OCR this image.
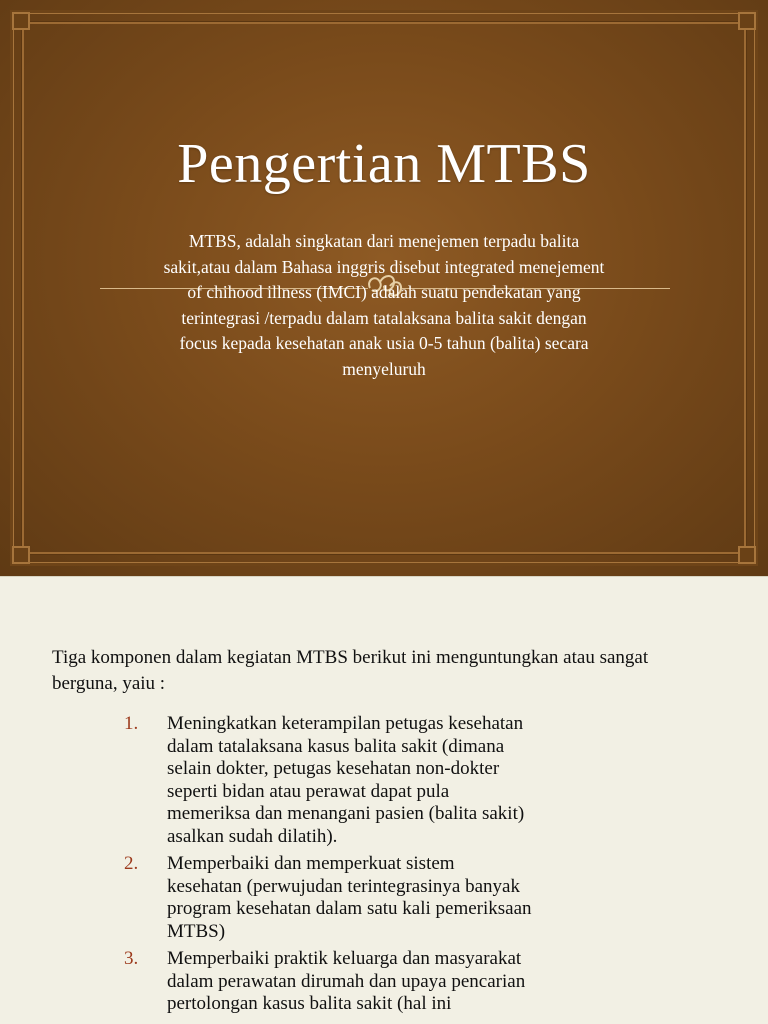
Pengertian MTBS
MTBS, adalah singkatan dari menejemen terpadu balita
sakit,atau dalam Bahasa inggris disebut integrated menejement
of chihood illness (IMCI) adalah suatu pendekatan yang
terintegrasi /terpadu dalam tatalaksana balita sakit dengan
focus kepada kesehatan anak usia 0-5 tahun (balita) secara
menyeluruh
Tiga komponen dalam kegiatan MTBS berikut ini menguntungkan atau sangat
berguna, yaiu :
1. Meningkatkan keterampilan petugas kesehatan
dalam tatalaksana kasus balita sakit (dimana
selain dokter, petugas kesehatan non-dokter
seperti bidan atau perawat dapat pula
memeriksa dan menangani pasien (balita sakit)
asalkan sudah dilatih).
2. Memperbaiki dan memperkuat sistem
kesehatan (perwujudan terintegrasinya banyak
program kesehatan dalam satu kali pemeriksaan
MTBS)
3. Memperbaiki praktik keluarga dan masyarakat
dalam perawatan dirumah dan upaya pencarian
pertolongan kasus balita sakit (hal ini
